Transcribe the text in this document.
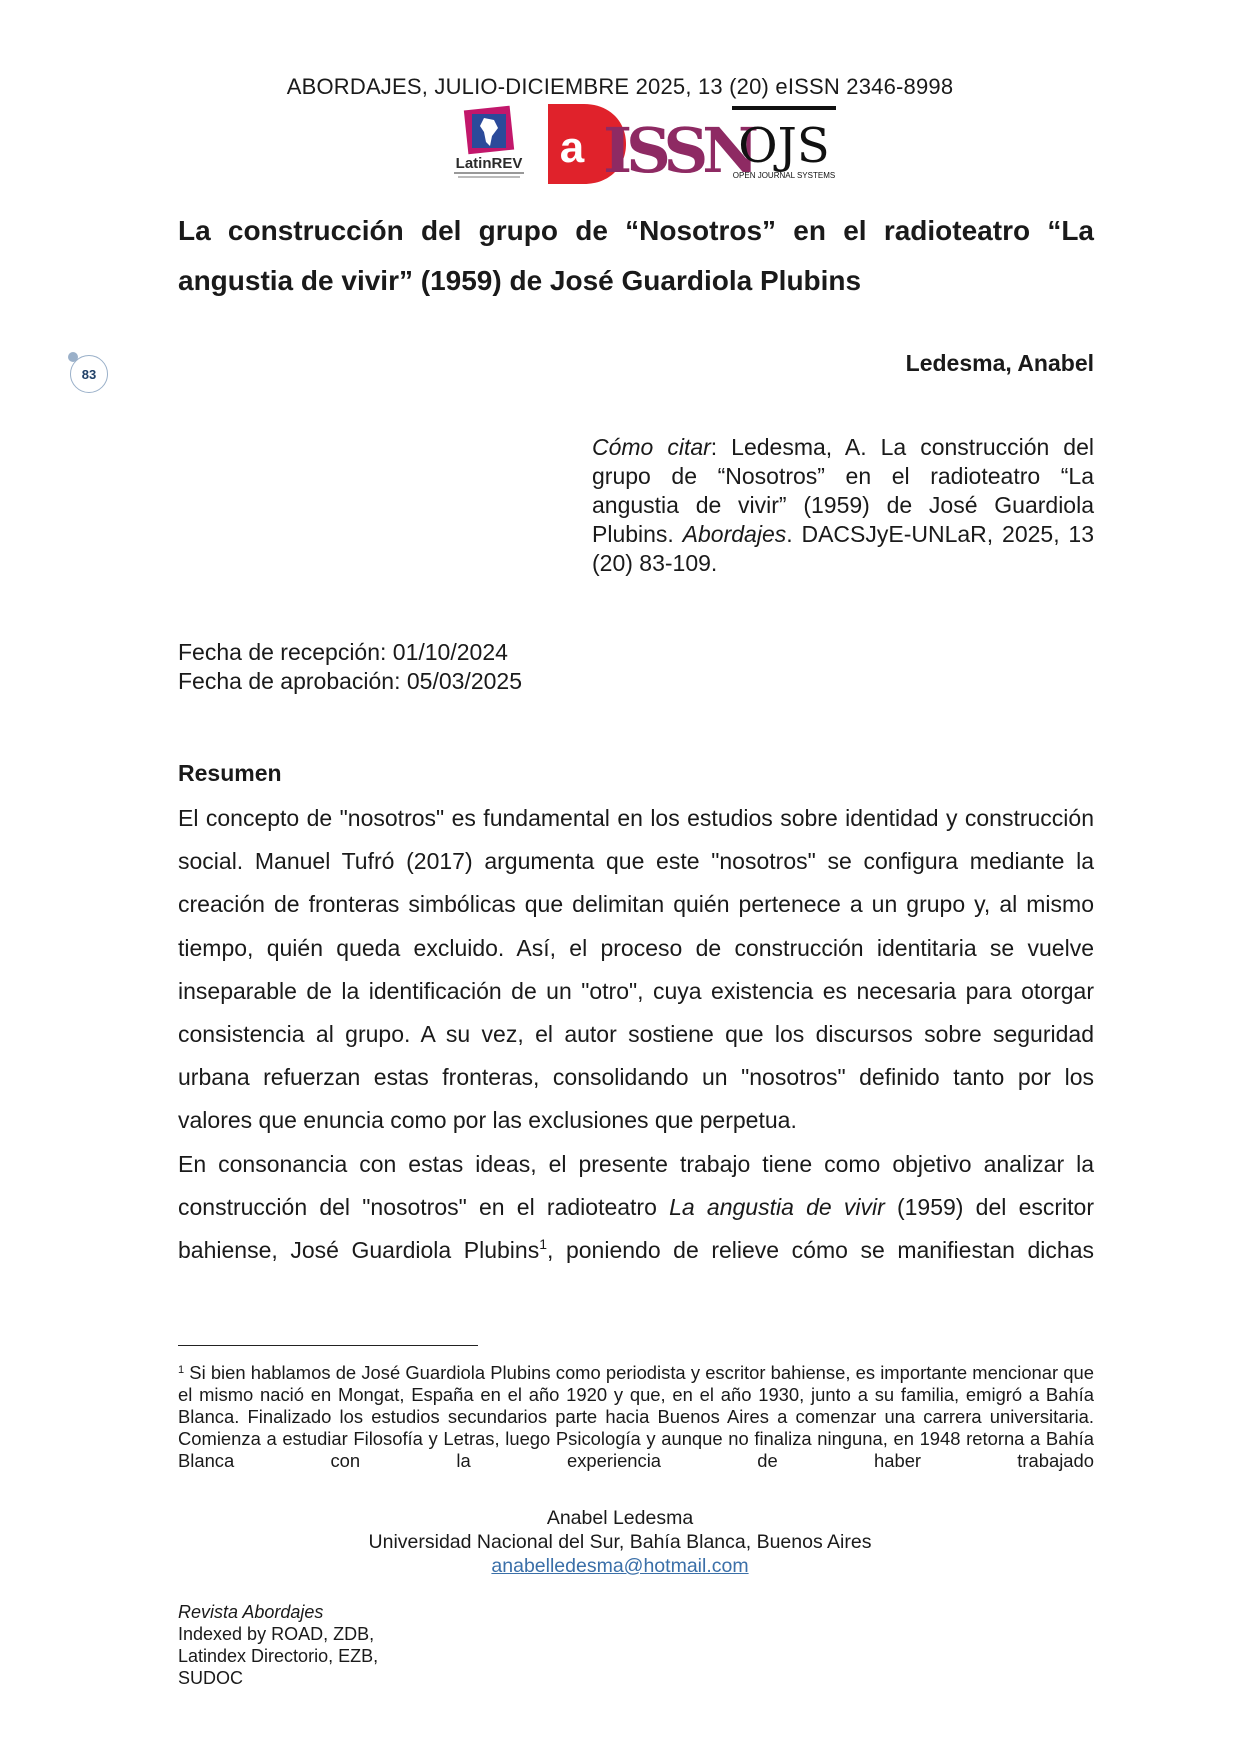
ABORDAJES, JULIO-DICIEMBRE 2025, 13 (20) eISSN 2346-8998
LatinREV a ISSN
OJS
OPEN JOURNAL SYSTEMS
La construcción del grupo de “Nosotros” en el radioteatro “La angustia de vivir” (1959) de José Guardiola Plubins
83	Ledesma, Anabel

Cómo citar: Ledesma, A. La construcción del grupo de “Nosotros” en el radioteatro “La angustia de vivir” (1959) de José Guardiola Plubins. Abordajes. DACSJyE-UNLaR, 2025, 13 (20) 83-109.

Fecha de recepción: 01/10/2024
Fecha de aprobación: 05/03/2025
Resumen

El concepto de "nosotros" es fundamental en los estudios sobre identidad y construcción social. Manuel Tufró (2017) argumenta que este "nosotros" se configura mediante la creación de fronteras simbólicas que delimitan quién pertenece a un grupo y, al mismo tiempo, quién queda excluido. Así, el proceso de construcción identitaria se vuelve inseparable de la identificación de un "otro", cuya existencia es necesaria para otorgar consistencia al grupo. A su vez, el autor sostiene que los discursos sobre seguridad urbana refuerzan estas fronteras, consolidando un "nosotros" definido tanto por los valores que enuncia como por las exclusiones que perpetua.

En consonancia con estas ideas, el presente trabajo tiene como objetivo analizar la construcción del "nosotros" en el radioteatro La angustia de vivir (1959) del escritor bahiense, José Guardiola Plubins$^1$, poniendo de relieve cómo se manifiestan dichas

$^1$ Si bien hablamos de José Guardiola Plubins como periodista y escritor bahiense, es importante mencionar que el mismo nació en Mongat, España en el año 1920 y que, en el año 1930, junto a su familia, emigró a Bahía Blanca. Finalizado los estudios secundarios parte hacia Buenos Aires a comenzar una carrera universitaria. Comienza a estudiar Filosofía y Letras, luego Psicología y aunque no finaliza ninguna, en 1948 retorna a Bahía Blanca con la experiencia de haber trabajado

Anabel Ledesma
Universidad Nacional del Sur, Bahía Blanca, Buenos Aires
anabelledesma@hotmail.com
Revista Abordajes
Indexed by ROAD, ZDB,
Latindex Directorio, EZB,
SUDOC
